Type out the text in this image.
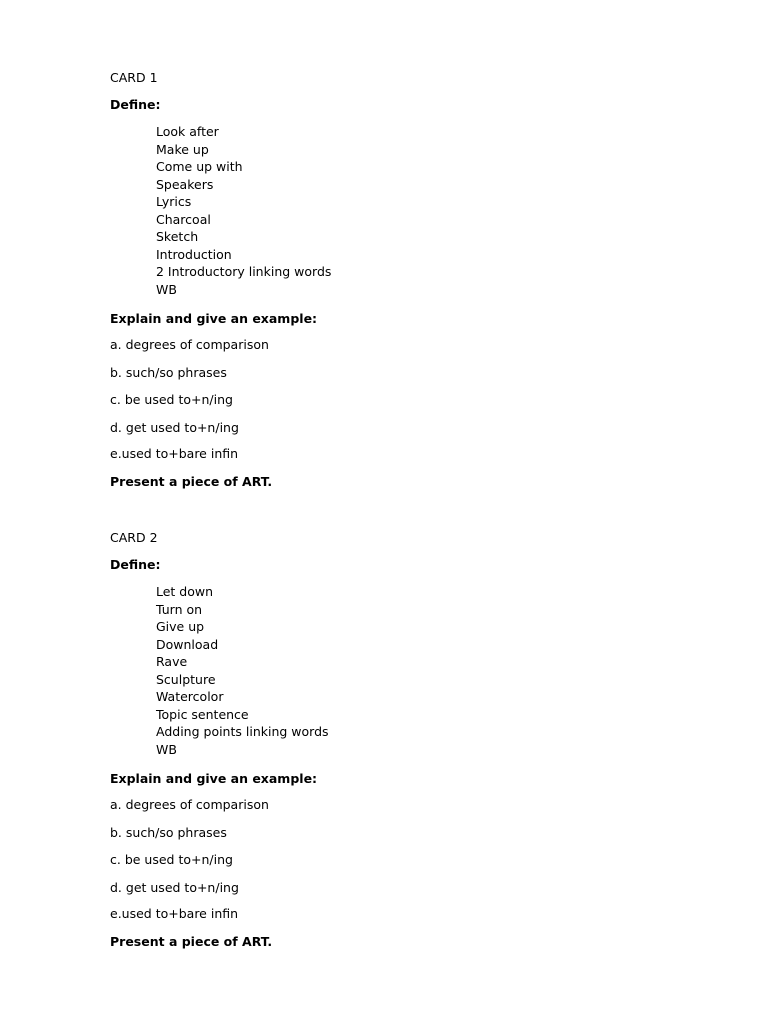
CARD 1
Define:
Look after
Make up
Come up with
Speakers
Lyrics
Charcoal
Sketch
Introduction
2 Introductory linking words
WB
Explain and give an example:
a. degrees of comparison
b. such/so phrases
c. be used to+n/ing
d. get used to+n/ing
e.used to+bare infin
Present a piece of ART.
CARD 2
Define:
Let down
Turn on
Give up
Download
Rave
Sculpture
Watercolor
Topic sentence
Adding points linking words
WB
Explain and give an example:
a. degrees of comparison
b. such/so phrases
c. be used to+n/ing
d. get used to+n/ing
e.used to+bare infin
Present a piece of ART.
